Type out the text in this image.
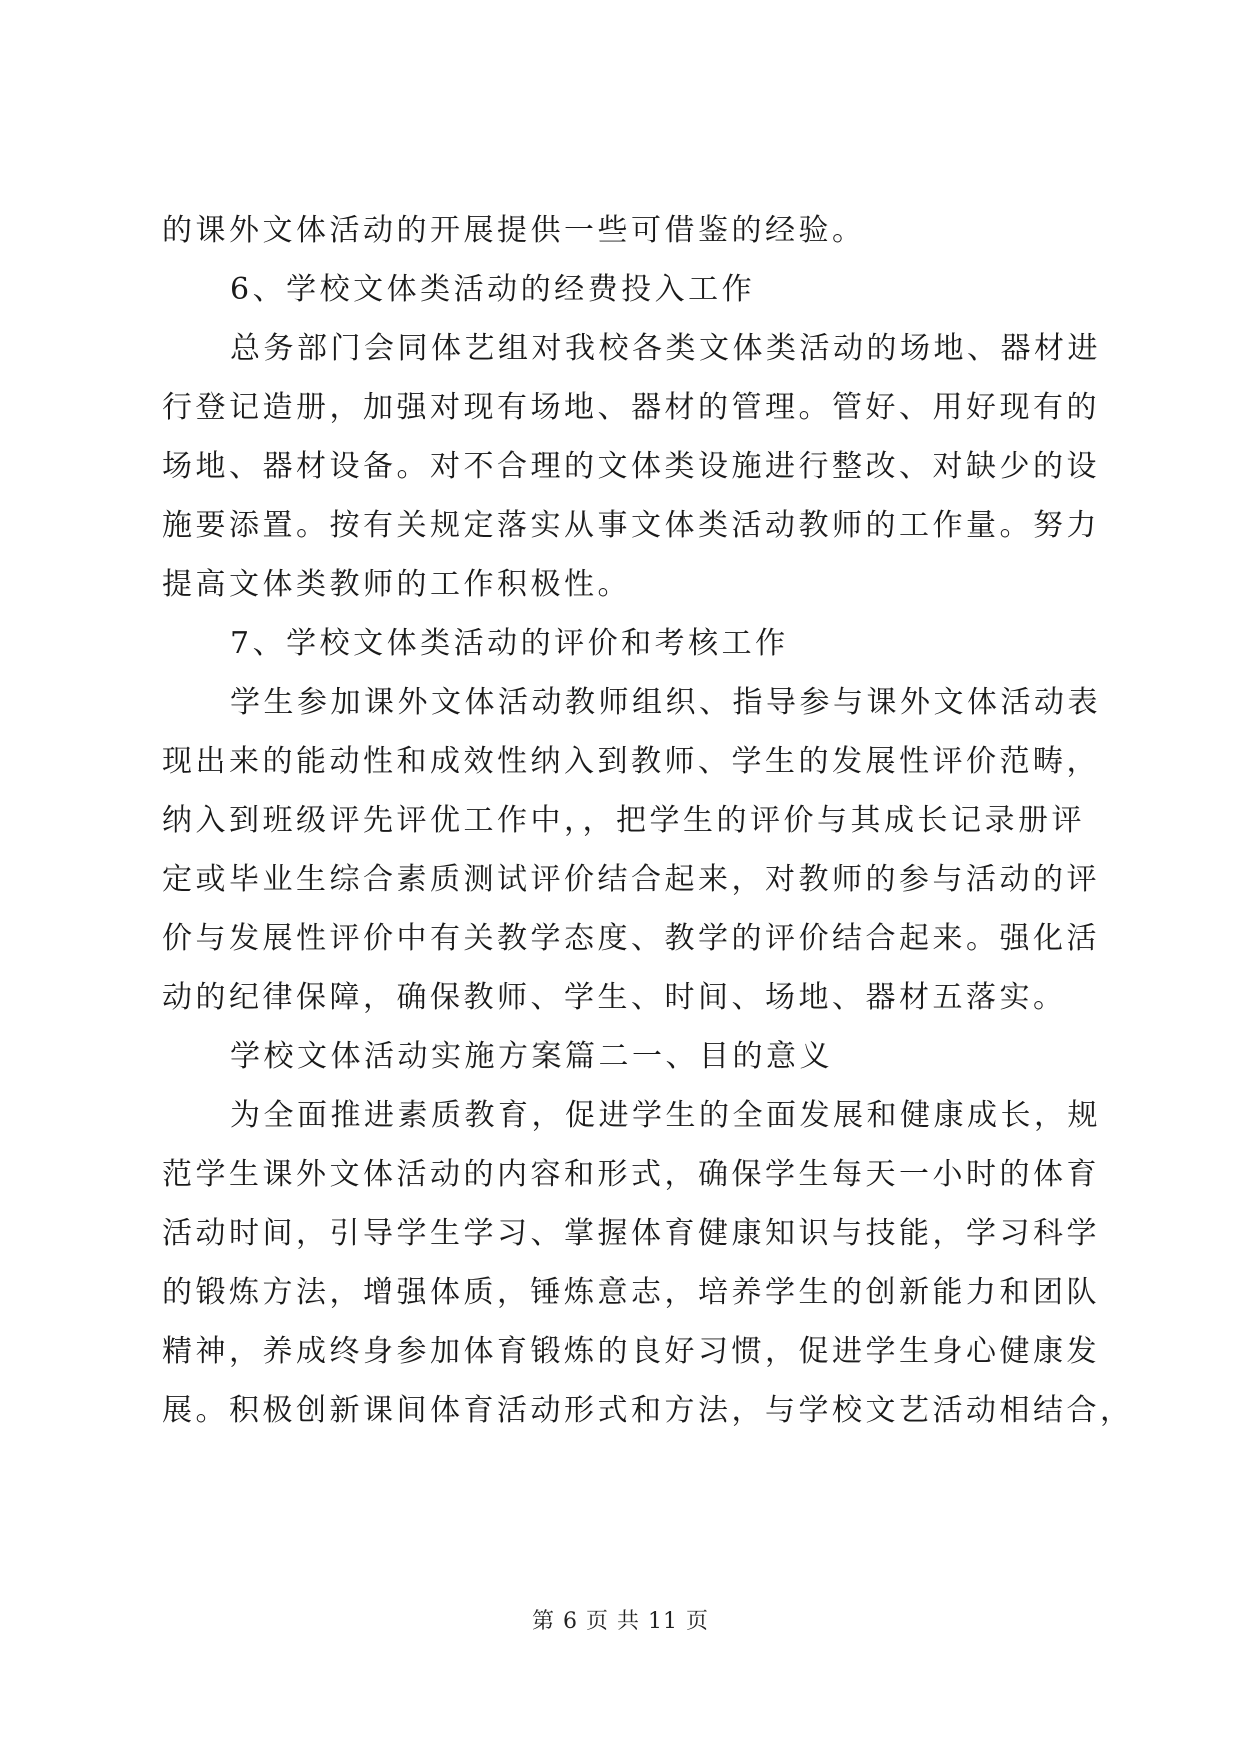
的课外文体活动的开展提供一些可借鉴的经验。
6、学校文体类活动的经费投入工作
总务部门会同体艺组对我校各类文体类活动的场地、器材进
行登记造册，加强对现有场地、器材的管理。管好、用好现有的
场地、器材设备。对不合理的文体类设施进行整改、对缺少的设
施要添置。按有关规定落实从事文体类活动教师的工作量。努力
提高文体类教师的工作积极性。
7、学校文体类活动的评价和考核工作
学生参加课外文体活动教师组织、指导参与课外文体活动表
现出来的能动性和成效性纳入到教师、学生的发展性评价范畴，
纳入到班级评先评优工作中，，把学生的评价与其成长记录册评
定或毕业生综合素质测试评价结合起来，对教师的参与活动的评
价与发展性评价中有关教学态度、教学的评价结合起来。强化活
动的纪律保障，确保教师、学生、时间、场地、器材五落实。
学校文体活动实施方案篇二一、目的意义
为全面推进素质教育，促进学生的全面发展和健康成长，规
范学生课外文体活动的内容和形式，确保学生每天一小时的体育
活动时间，引导学生学习、掌握体育健康知识与技能，学习科学
的锻炼方法，增强体质，锤炼意志，培养学生的创新能力和团队
精神，养成终身参加体育锻炼的良好习惯，促进学生身心健康发
展。积极创新课间体育活动形式和方法，与学校文艺活动相结合，
第 6 页 共 11 页
